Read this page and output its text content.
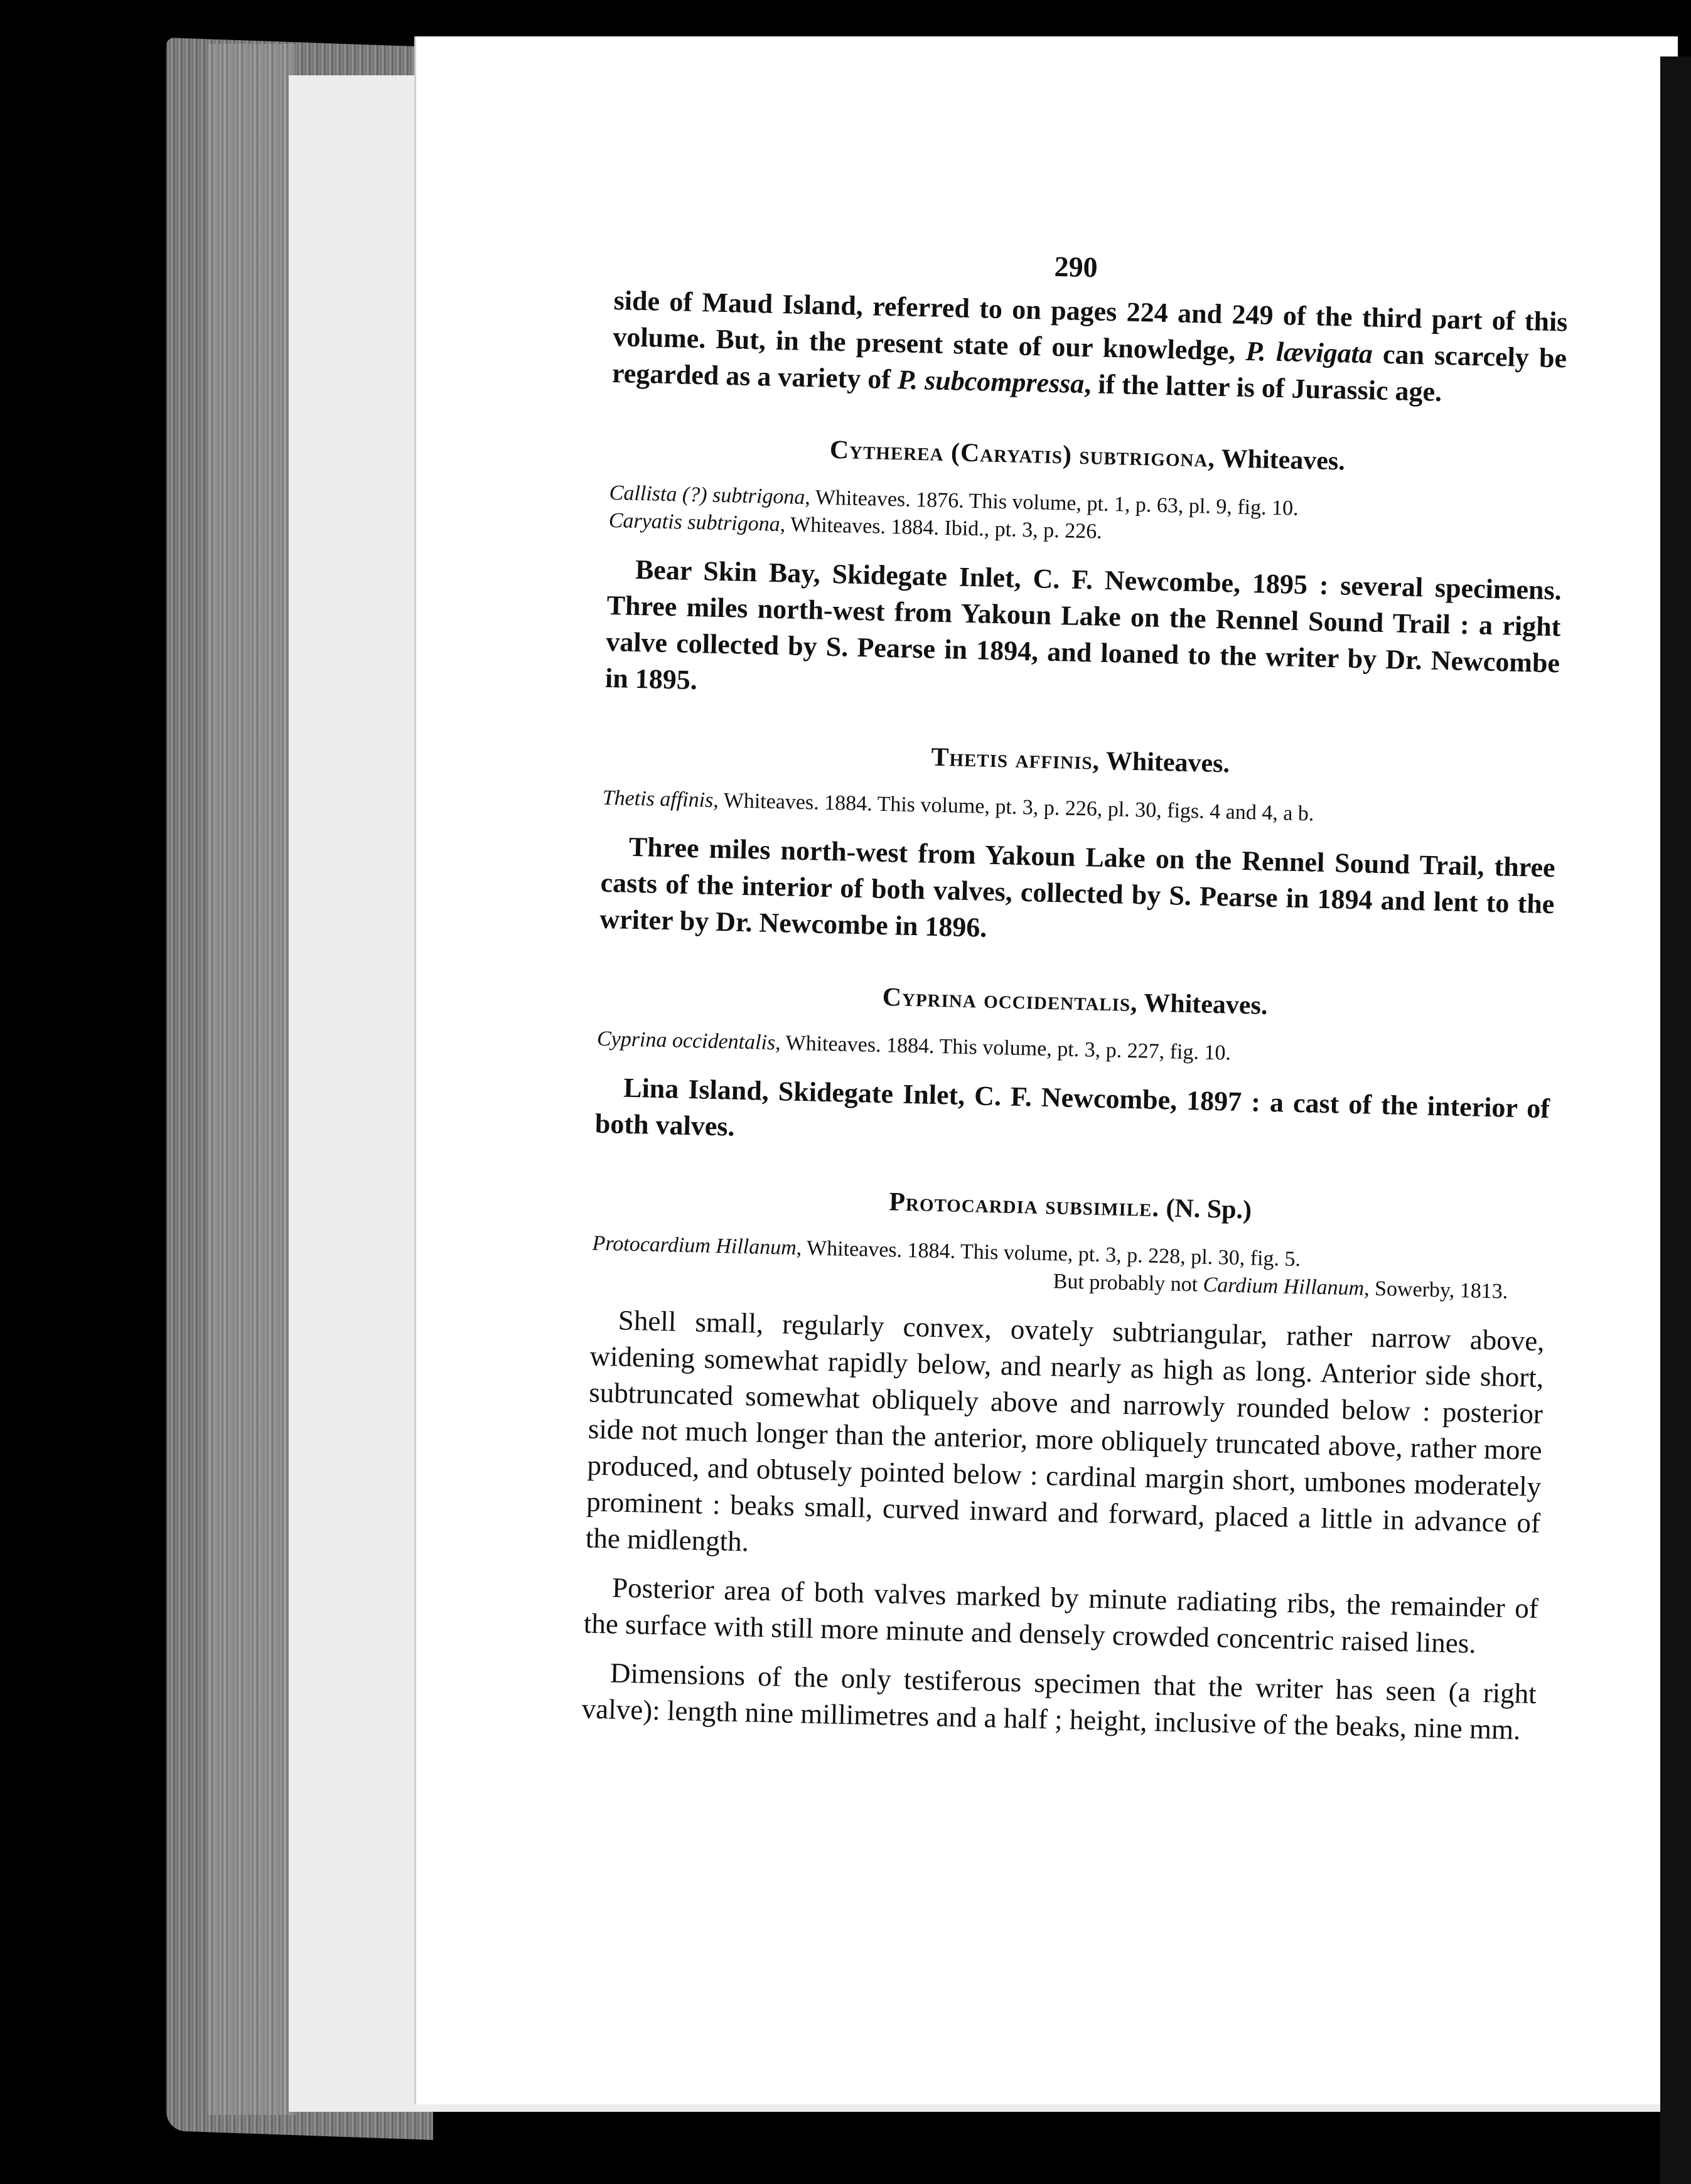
290

side of Maud Island, referred to on pages 224 and 249 of the third part of this volume. But, in the present state of our knowledge, P. lævigata can scarcely be regarded as a variety of P. subcompressa, if the latter is of Jurassic age.

Cytherea (Caryatis) subtrigona, Whiteaves.
Callista (?) subtrigona, Whiteaves. 1876. This volume, pt. 1, p. 63, pl. 9, fig. 10.
Caryatis subtrigona, Whiteaves. 1884. Ibid., pt. 3, p. 226.

Bear Skin Bay, Skidegate Inlet, C. F. Newcombe, 1895 : several specimens. Three miles north-west from Yakoun Lake on the Rennel Sound Trail : a right valve collected by S. Pearse in 1894, and loaned to the writer by Dr. Newcombe in 1895.

Thetis affinis, Whiteaves.
Thetis affinis, Whiteaves. 1884. This volume, pt. 3, p. 226, pl. 30, figs. 4 and 4, a b.

Three miles north-west from Yakoun Lake on the Rennel Sound Trail, three casts of the interior of both valves, collected by S. Pearse in 1894 and lent to the writer by Dr. Newcombe in 1896.

Cyprina occidentalis, Whiteaves.
Cyprina occidentalis, Whiteaves. 1884. This volume, pt. 3, p. 227, fig. 10.

Lina Island, Skidegate Inlet, C. F. Newcombe, 1897 : a cast of the interior of both valves.

Protocardia subsimile. (N. Sp.)
Protocardium Hillanum, Whiteaves. 1884. This volume, pt. 3, p. 228, pl. 30, fig. 5.
But probably not Cardium Hillanum, Sowerby, 1813.

Shell small, regularly convex, ovately subtriangular, rather narrow above, widening somewhat rapidly below, and nearly as high as long. Anterior side short, subtruncated somewhat obliquely above and narrowly rounded below : posterior side not much longer than the anterior, more obliquely truncated above, rather more produced, and obtusely pointed below : cardinal margin short, umbones moderately prominent : beaks small, curved inward and forward, placed a little in advance of the midlength.

Posterior area of both valves marked by minute radiating ribs, the remainder of the surface with still more minute and densely crowded concentric raised lines.

Dimensions of the only testiferous specimen that the writer has seen (a right valve): length nine millimetres and a half ; height, inclusive of the beaks, nine mm.
